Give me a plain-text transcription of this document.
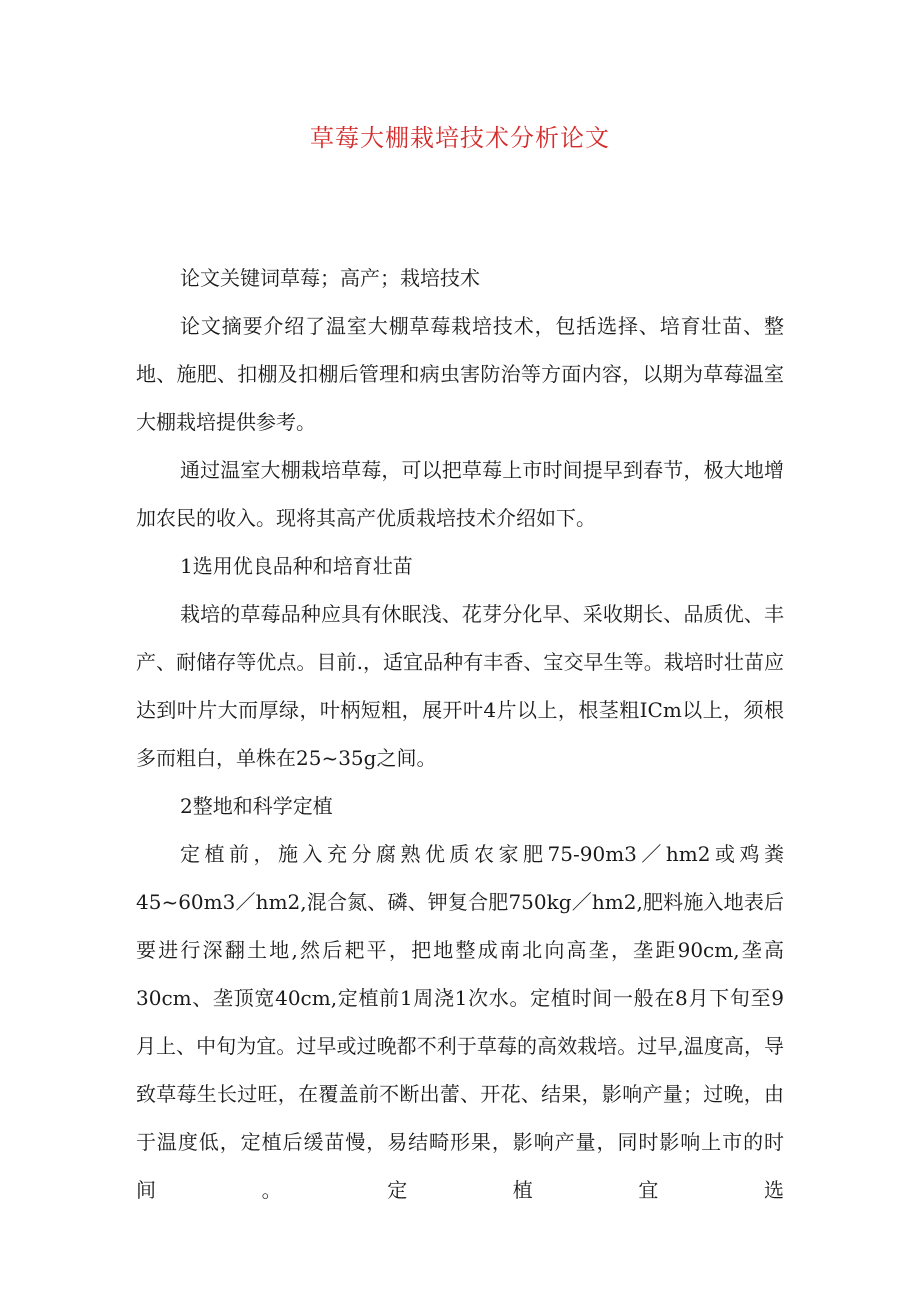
草莓大棚栽培技术分析论文

论文关键词草莓；高产；栽培技术

论文摘要介绍了温室大棚草莓栽培技术，包括选择、培育壮苗、整地、施肥、扣棚及扣棚后管理和病虫害防治等方面内容，以期为草莓温室大棚栽培提供参考。

通过温室大棚栽培草莓，可以把草莓上市时间提早到春节，极大地增加农民的收入。现将其高产优质栽培技术介绍如下。

1选用优良品种和培育壮苗

栽培的草莓品种应具有休眠浅、花芽分化早、采收期长、品质优、丰产、耐储存等优点。目前.，适宜品种有丰香、宝交早生等。栽培时壮苗应达到叶片大而厚绿，叶柄短粗，展开叶4片以上，根茎粗ICm以上，须根多而粗白，单株在25~35g之间。

2整地和科学定植

定植前，施入充分腐熟优质农家肥75-90m3／hm2或鸡粪45~60m3／hm2,混合氮、磷、钾复合肥750kg／hm2,肥料施入地表后要进行深翻土地,然后耙平，把地整成南北向高垄，垄距90cm,垄高30cm、垄顶宽40cm,定植前1周浇1次水。定植时间一般在8月下旬至9月上、中旬为宜。过早或过晚都不利于草莓的高效栽培。过早,温度高，导致草莓生长过旺，在覆盖前不断出蕾、开花、结果，影响产量；过晚，由于温度低，定植后缓苗慢，易结畸形果，影响产量，同时影响上市的时间。定植宜选
